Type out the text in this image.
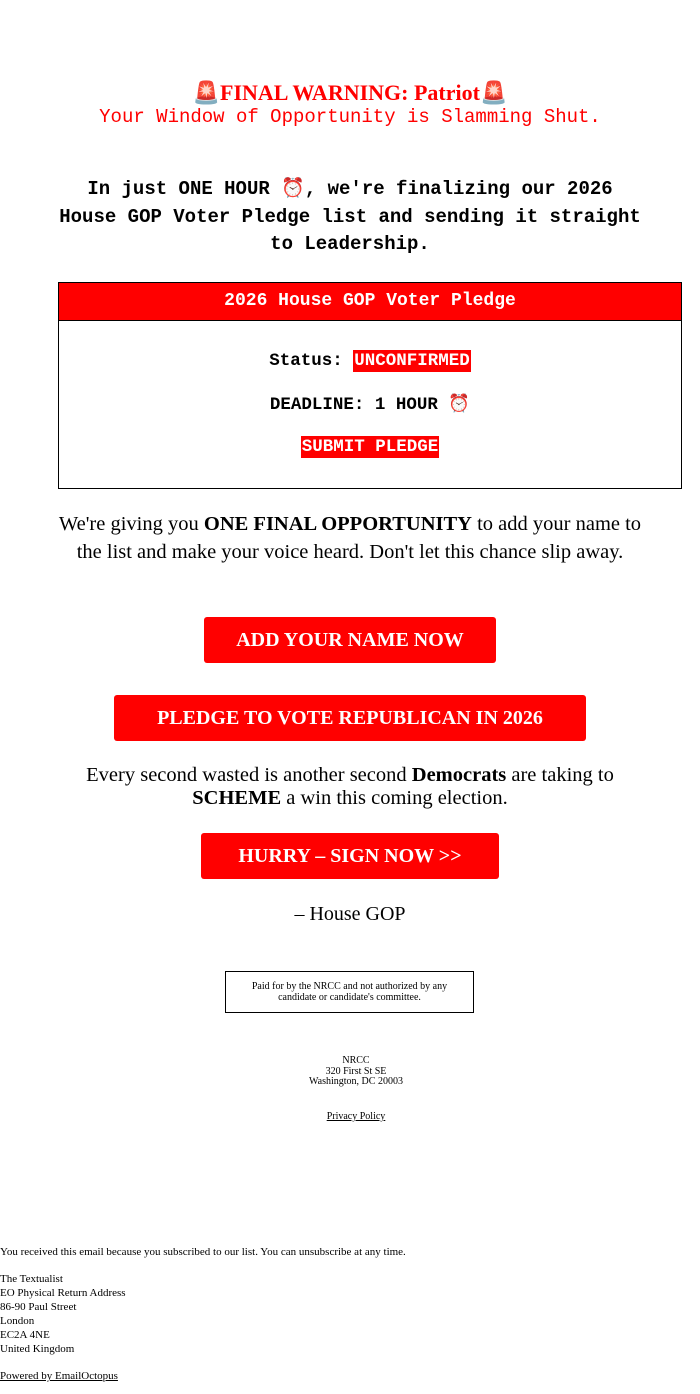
🚨FINAL WARNING: Patriot🚨
Your Window of Opportunity is Slamming Shut.
In just ONE HOUR ⏰, we're finalizing our 2026 House GOP Voter Pledge list and sending it straight to Leadership.
2026 House GOP Voter Pledge
Status: UNCONFIRMED
DEADLINE: 1 HOUR ⏰
SUBMIT PLEDGE
We're giving you ONE FINAL OPPORTUNITY to add your name to the list and make your voice heard. Don't let this chance slip away.
ADD YOUR NAME NOW
PLEDGE TO VOTE REPUBLICAN IN 2026
Every second wasted is another second Democrats are taking to SCHEME a win this coming election.
HURRY – SIGN NOW >>
– House GOP
Paid for by the NRCC and not authorized by any candidate or candidate's committee.
NRCC
320 First St SE
Washington, DC 20003
Privacy Policy
You received this email because you subscribed to our list. You can unsubscribe at any time.
The Textualist
EO Physical Return Address
86-90 Paul Street
London
EC2A 4NE
United Kingdom
Powered by EmailOctopus
